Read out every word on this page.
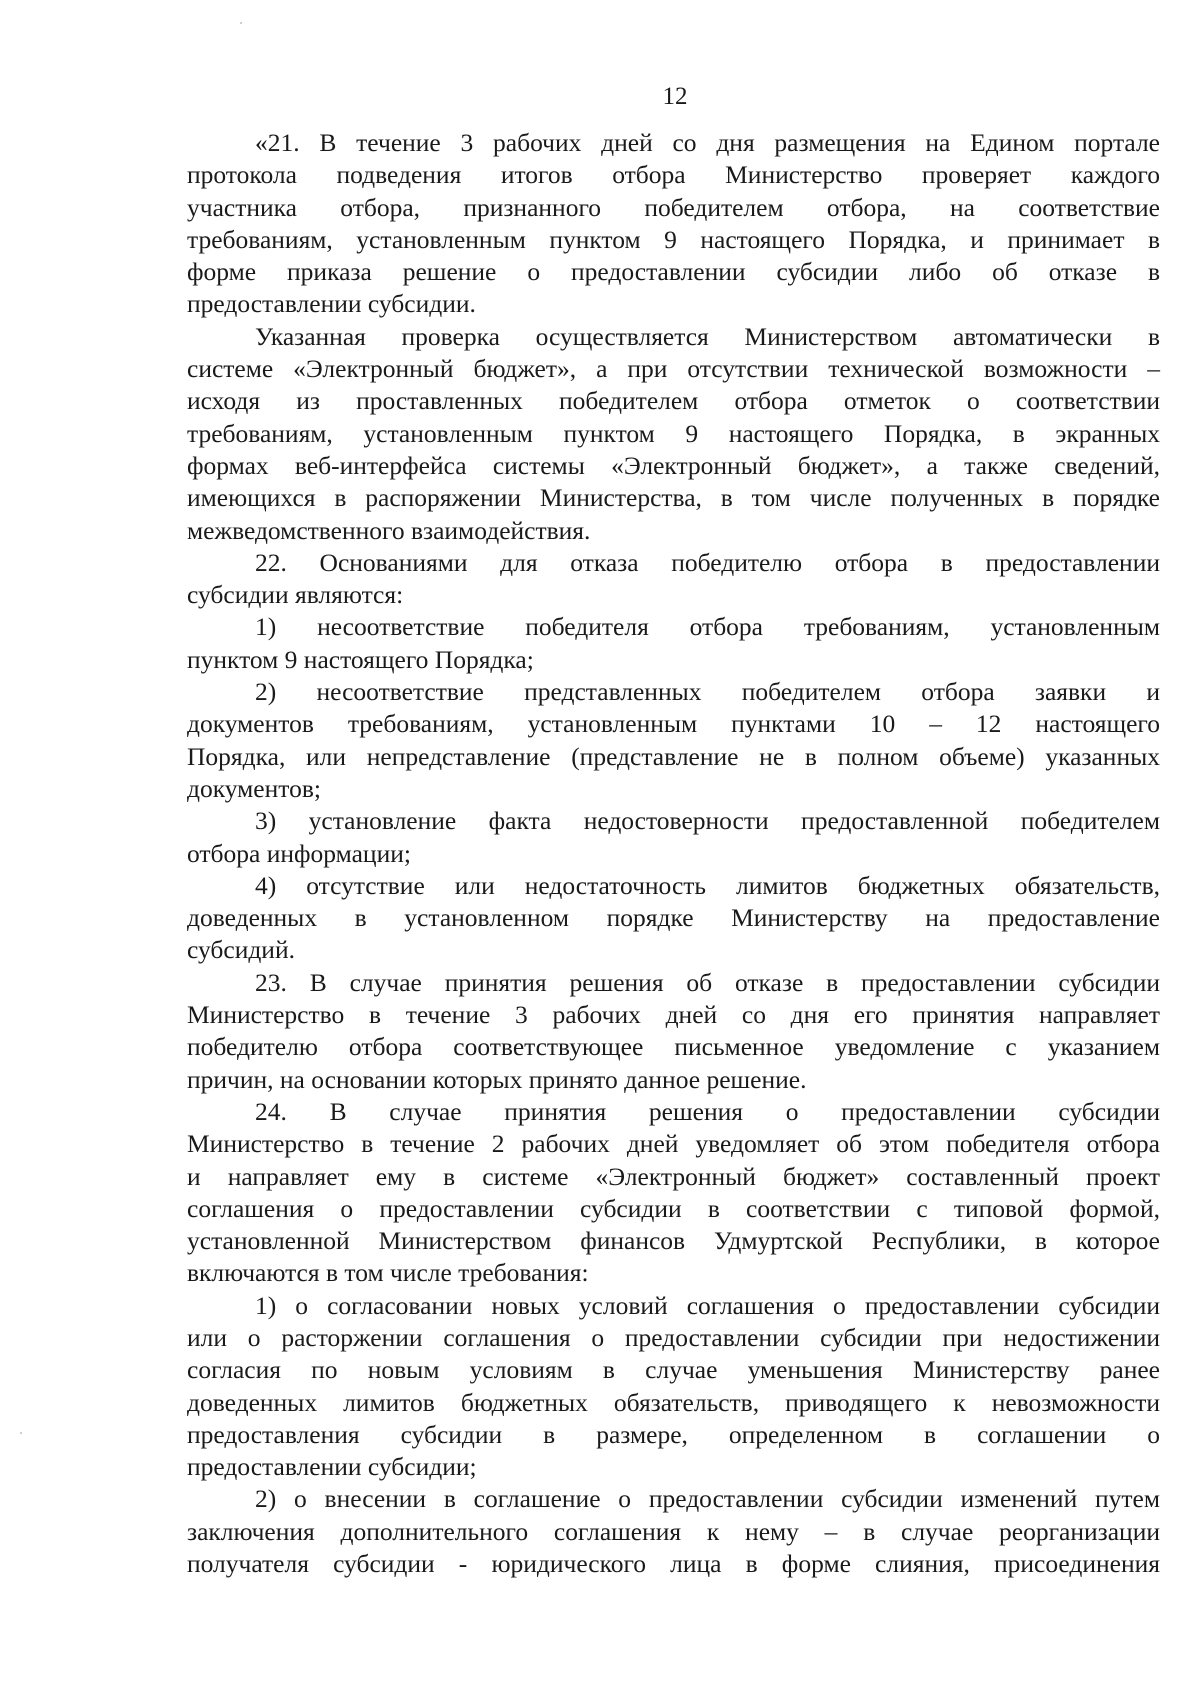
12

«21. В течение 3 рабочих дней со дня размещения на Едином портале
протокола подведения итогов отбора Министерство проверяет каждого
участника отбора, признанного победителем отбора, на соответствие
требованиям, установленным пунктом 9 настоящего Порядка, и принимает в
форме приказа решение о предоставлении субсидии либо об отказе в
предоставлении субсидии.

Указанная проверка осуществляется Министерством автоматически в
системе «Электронный бюджет», а при отсутствии технической возможности –
исходя из проставленных победителем отбора отметок о соответствии
требованиям, установленным пунктом 9 настоящего Порядка, в экранных
формах веб-интерфейса системы «Электронный бюджет», а также сведений,
имеющихся в распоряжении Министерства, в том числе полученных в порядке
межведомственного взаимодействия.

22. Основаниями для отказа победителю отбора в предоставлении
субсидии являются:

1) несоответствие победителя отбора требованиям, установленным
пунктом 9 настоящего Порядка;

2) несоответствие представленных победителем отбора заявки и
документов требованиям, установленным пунктами 10 – 12 настоящего
Порядка, или непредставление (представление не в полном объеме) указанных
документов;

3) установление факта недостоверности предоставленной победителем
отбора информации;

4) отсутствие или недостаточность лимитов бюджетных обязательств,
доведенных в установленном порядке Министерству на предоставление
субсидий.

23. В случае принятия решения об отказе в предоставлении субсидии
Министерство в течение 3 рабочих дней со дня его принятия направляет
победителю отбора соответствующее письменное уведомление с указанием
причин, на основании которых принято данное решение.

24. В случае принятия решения о предоставлении субсидии
Министерство в течение 2 рабочих дней уведомляет об этом победителя отбора
и направляет ему в системе «Электронный бюджет» составленный проект
соглашения о предоставлении субсидии в соответствии с типовой формой,
установленной Министерством финансов Удмуртской Республики, в которое
включаются в том числе требования:

1) о согласовании новых условий соглашения о предоставлении субсидии
или о расторжении соглашения о предоставлении субсидии при недостижении
согласия по новым условиям в случае уменьшения Министерству ранее
доведенных лимитов бюджетных обязательств, приводящего к невозможности
предоставления субсидии в размере, определенном в соглашении о
предоставлении субсидии;

2) о внесении в соглашение о предоставлении субсидии изменений путем
заключения дополнительного соглашения к нему – в случае реорганизации
получателя субсидии - юридического лица в форме слияния, присоединения
